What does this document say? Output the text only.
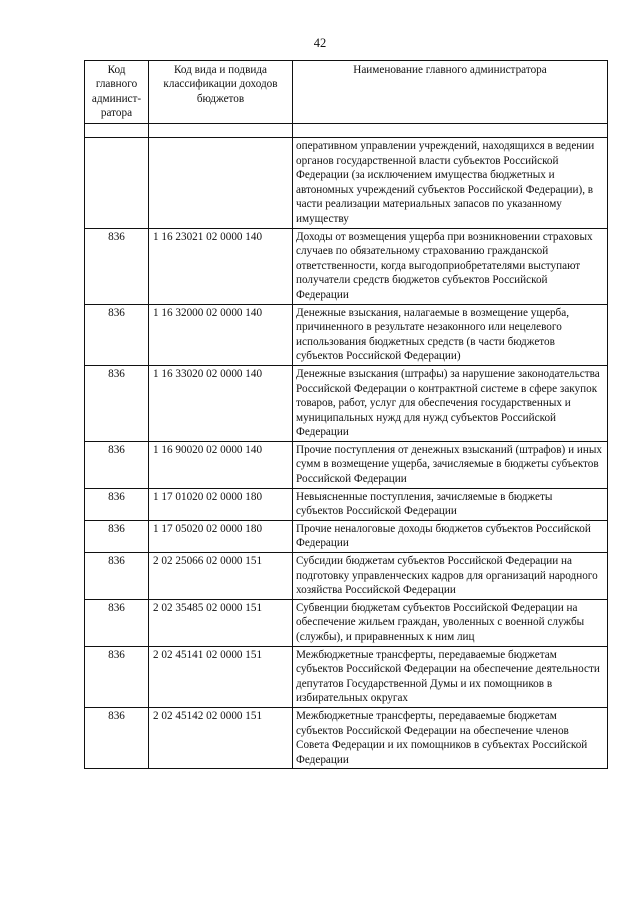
42
Код главного админист-ратора	Код вида и подвида классификации доходов бюджетов	Наименование главного администратора

		оперативном управлении учреждений, находящихся в ведении органов государственной власти субъектов Российской Федерации (за исключением имущества бюджетных и автономных учреждений субъектов Российской Федерации), в части реализации материальных запасов по указанному имуществу
836	1 16 23021 02 0000 140	Доходы от возмещения ущерба при возникновении страховых случаев по обязательному страхованию гражданской ответственности, когда выгодоприобретателями выступают получатели средств бюджетов субъектов Российской Федерации
836	1 16 32000 02 0000 140	Денежные взыскания, налагаемые в возмещение ущерба, причиненного в результате незаконного или нецелевого использования бюджетных средств (в части бюджетов субъектов Российской Федерации)
836	1 16 33020 02 0000 140	Денежные взыскания (штрафы) за нарушение законодательства Российской Федерации о контрактной системе в сфере закупок товаров, работ, услуг для обеспечения государственных и муниципальных нужд для нужд субъектов Российской Федерации
836	1 16 90020 02 0000 140	Прочие поступления от денежных взысканий (штрафов) и иных сумм в возмещение ущерба, зачисляемые в бюджеты субъектов Российской Федерации
836	1 17 01020 02 0000 180	Невыясненные поступления, зачисляемые в бюджеты субъектов Российской Федерации
836	1 17 05020 02 0000 180	Прочие неналоговые доходы бюджетов субъектов Российской Федерации
836	2 02 25066 02 0000 151	Субсидии бюджетам субъектов Российской Федерации на подготовку управленческих кадров для организаций народного хозяйства Российской Федерации
836	2 02 35485 02 0000 151	Субвенции бюджетам субъектов Российской Федерации на обеспечение жильем граждан, уволенных с военной службы (службы), и приравненных к ним лиц
836	2 02 45141 02 0000 151	Межбюджетные трансферты, передаваемые бюджетам субъектов Российской Федерации на обеспечение деятельности депутатов Государственной Думы и их помощников в избирательных округах
836	2 02 45142 02 0000 151	Межбюджетные трансферты, передаваемые бюджетам субъектов Российской Федерации на обеспечение членов Совета Федерации и их помощников в субъектах Российской Федерации
